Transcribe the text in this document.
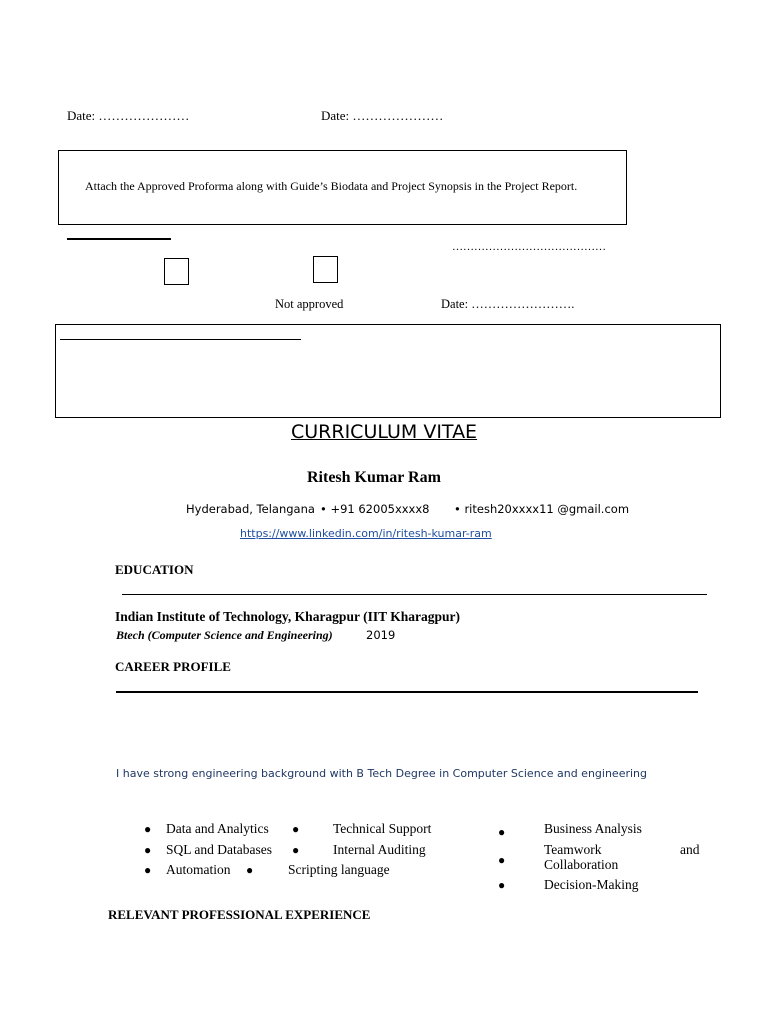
Date: …………………	Date: …………………
Attach the Approved Proforma along with Guide’s Biodata and Project Synopsis in the Project Report.
……………………………………
Not approved	Date: …………………….
CURRICULUM VITAE
Ritesh Kumar Ram
Hyderabad, Telangana • +91 62005xxxx8 • ritesh20xxxx11 @gmail.com
https://www.linkedin.com/in/ritesh-kumar-ram
EDUCATION
Indian Institute of Technology, Kharagpur (IIT Kharagpur)
Btech (Computer Science and Engineering)	2019
CAREER PROFILE
I have strong engineering background with B Tech Degree in Computer Science and engineering
● Data and Analytics
● SQL and Databases
● Automation
●	Technical Support
●	Internal Auditing
●	Scripting language
●	Business Analysis
●
Teamwork	and
Collaboration
●	Decision-Making
RELEVANT PROFESSIONAL EXPERIENCE
